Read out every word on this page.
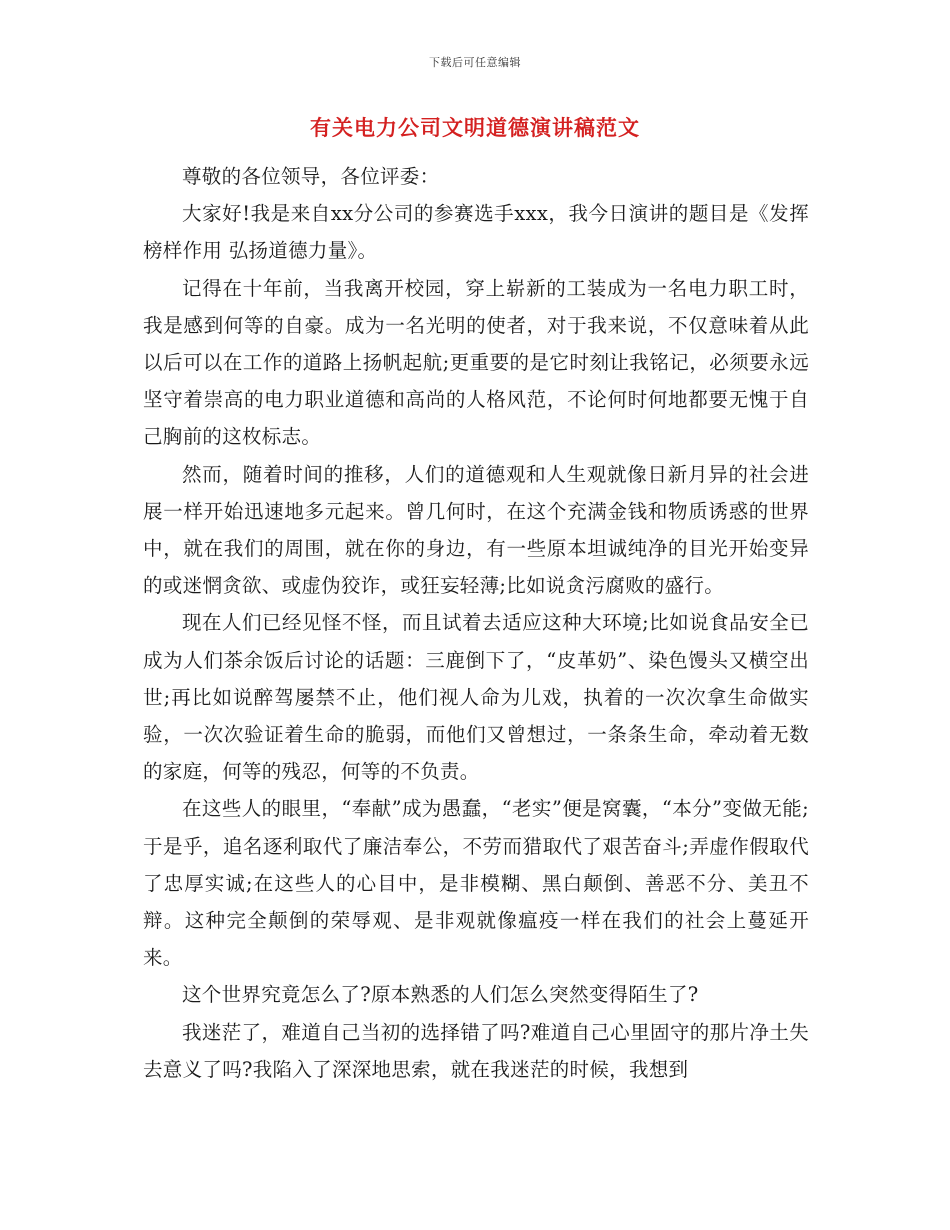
下载后可任意编辑
有关电力公司文明道德演讲稿范文

尊敬的各位领导，各位评委：

大家好!我是来自xx分公司的参赛选手xxx，我今日演讲的题目是《发挥榜样作用 弘扬道德力量》。

记得在十年前，当我离开校园，穿上崭新的工装成为一名电力职工时，我是感到何等的自豪。成为一名光明的使者，对于我来说，不仅意味着从此以后可以在工作的道路上扬帆起航;更重要的是它时刻让我铭记，必须要永远坚守着崇高的电力职业道德和高尚的人格风范，不论何时何地都要无愧于自己胸前的这枚标志。

然而，随着时间的推移，人们的道德观和人生观就像日新月异的社会进展一样开始迅速地多元起来。曾几何时，在这个充满金钱和物质诱惑的世界中，就在我们的周围，就在你的身边，有一些原本坦诚纯净的目光开始变异的或迷惘贪欲、或虚伪狡诈，或狂妄轻薄;比如说贪污腐败的盛行。

现在人们已经见怪不怪，而且试着去适应这种大环境;比如说食品安全已成为人们茶余饭后讨论的话题：三鹿倒下了，“皮革奶”、染色馒头又横空出世;再比如说醉驾屡禁不止，他们视人命为儿戏，执着的一次次拿生命做实验，一次次验证着生命的脆弱，而他们又曾想过，一条条生命，牵动着无数的家庭，何等的残忍，何等的不负责。

在这些人的眼里，“奉献”成为愚蠢，“老实”便是窝囊，“本分”变做无能;于是乎，追名逐利取代了廉洁奉公，不劳而猎取代了艰苦奋斗;弄虚作假取代了忠厚实诚;在这些人的心目中，是非模糊、黑白颠倒、善恶不分、美丑不辩。这种完全颠倒的荣辱观、是非观就像瘟疫一样在我们的社会上蔓延开来。

这个世界究竟怎么了?原本熟悉的人们怎么突然变得陌生了?

我迷茫了，难道自己当初的选择错了吗?难道自己心里固守的那片净土失去意义了吗?我陷入了深深地思索，就在我迷茫的时候，我想到
